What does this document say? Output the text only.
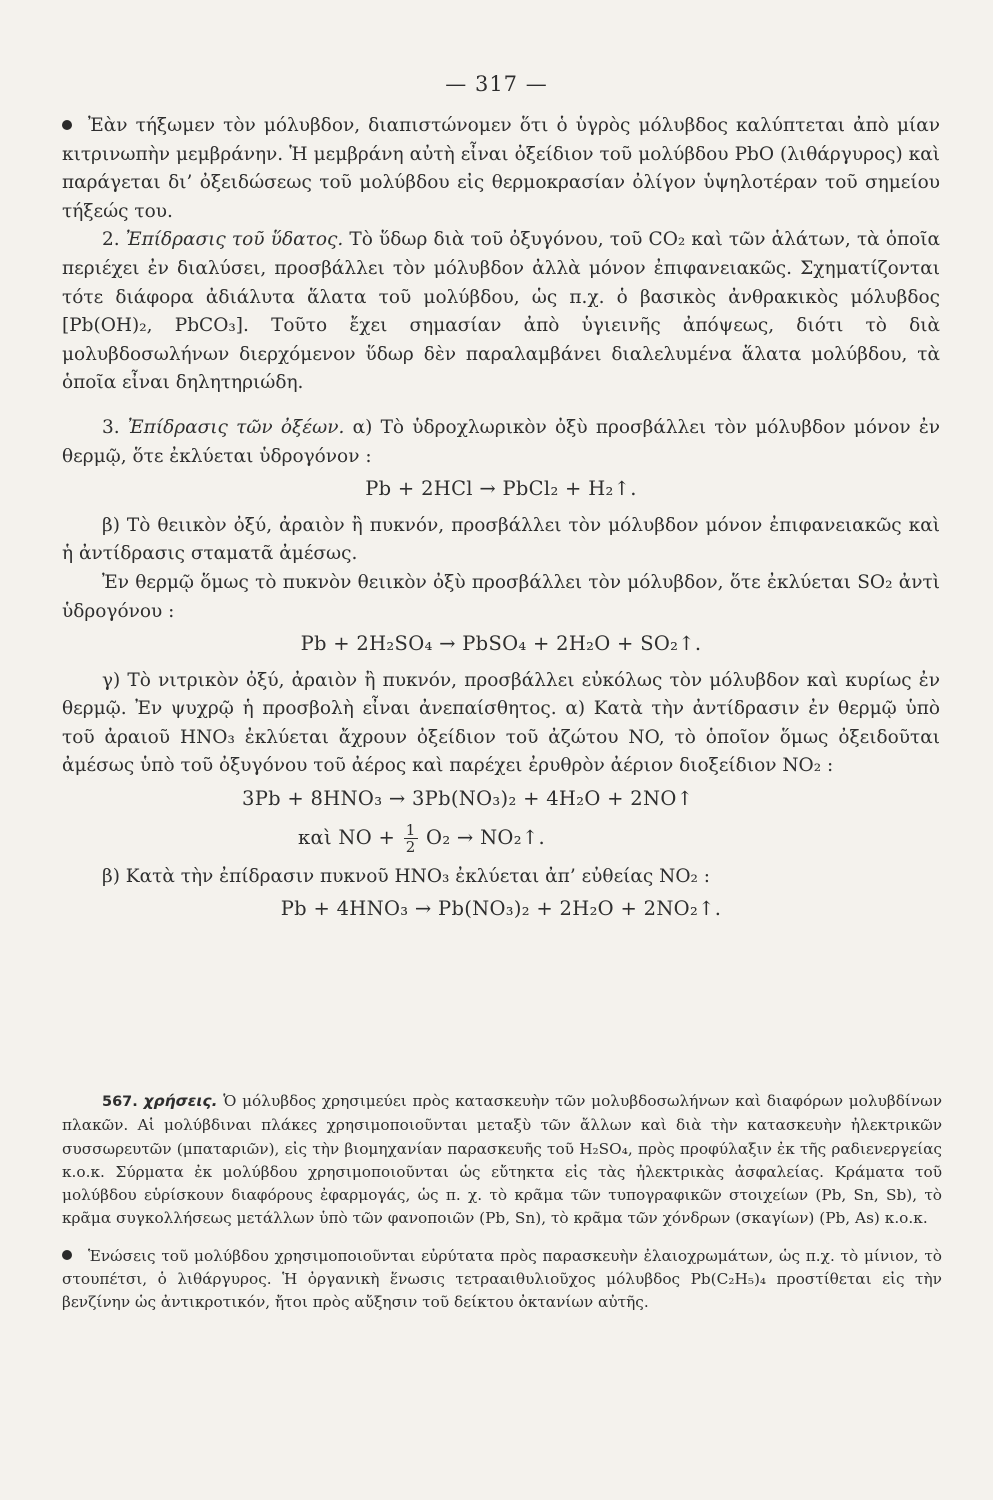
— 317 —

Ἐὰν τήξωμεν τὸν μόλυβδον, διαπιστώνομεν ὅτι ὁ ὑγρὸς μόλυβδος καλύπτεται ἀπὸ μίαν κιτρινωπὴν μεμβράνην. Ἡ μεμβράνη αὐτὴ εἶναι ὀξείδιον τοῦ μολύβδου PbO (λιθάργυρος) καὶ παράγεται δι’ ὀξειδώσεως τοῦ μολύβδου εἰς θερμοκρασίαν ὀλίγον ὑψηλοτέραν τοῦ σημείου τήξεώς του.

2. Ἐπίδρασις τοῦ ὕδατος. Τὸ ὕδωρ διὰ τοῦ ὀξυγόνου, τοῦ CO₂ καὶ τῶν ἁλάτων, τὰ ὁποῖα περιέχει ἐν διαλύσει, προσβάλλει τὸν μόλυβδον ἀλλὰ μόνον ἐπιφανειακῶς. Σχηματίζονται τότε διάφορα ἀδιάλυτα ἅλατα τοῦ μολύβδου, ὡς π.χ. ὁ βασικὸς ἀνθρακικὸς μόλυβδος [Pb(OH)₂, PbCO₃]. Τοῦτο ἔχει σημασίαν ἀπὸ ὑγιεινῆς ἀπόψεως, διότι τὸ διὰ μολυβδοσωλήνων διερχόμενον ὕδωρ δὲν παραλαμβάνει διαλελυμένα ἅλατα μολύβδου, τὰ ὁποῖα εἶναι δηλητηριώδη.

3. Ἐπίδρασις τῶν ὀξέων. α) Τὸ ὑδροχλωρικὸν ὀξὺ προσβάλλει τὸν μόλυβδον μόνον ἐν θερμῷ, ὅτε ἐκλύεται ὑδρογόνον :

Pb + 2HCl → PbCl₂ + H₂↑.

β) Τὸ θειικὸν ὀξύ, ἀραιὸν ἢ πυκνόν, προσβάλλει τὸν μόλυβδον μόνον ἐπιφανειακῶς καὶ ἡ ἀντίδρασις σταματᾶ ἀμέσως.

Ἐν θερμῷ ὅμως τὸ πυκνὸν θειικὸν ὀξὺ προσβάλλει τὸν μόλυβδον, ὅτε ἐκλύεται SO₂ ἀντὶ ὑδρογόνου :

Pb + 2H₂SO₄ → PbSO₄ + 2H₂O + SO₂↑.

γ) Τὸ νιτρικὸν ὀξύ, ἀραιὸν ἢ πυκνόν, προσβάλλει εὐκόλως τὸν μόλυβδον καὶ κυρίως ἐν θερμῷ. Ἐν ψυχρῷ ἡ προσβολὴ εἶναι ἀνεπαίσθητος. α) Κατὰ τὴν ἀντίδρασιν ἐν θερμῷ ὑπὸ τοῦ ἀραιοῦ HNO₃ ἐκλύεται ἄχρουν ὀξείδιον τοῦ ἀζώτου NO, τὸ ὁποῖον ὅμως ὀξειδοῦται ἀμέσως ὑπὸ τοῦ ὀξυγόνου τοῦ ἀέρος καὶ παρέχει ἐρυθρὸν ἀέριον διοξείδιον NO₂ :

3Pb + 8HNO₃ → 3Pb(NO₃)₂ + 4H₂O + 2NO↑
καὶ NO + $\frac{1}{2} O_2$ → NO₂↑.

β) Κατὰ τὴν ἐπίδρασιν πυκνοῦ HNO₃ ἐκλύεται ἀπ’ εὐθείας NO₂ :

Pb + 4HNO₃ → Pb(NO₃)₂ + 2H₂O + 2NO₂↑.

567. χρήσεις. Ὁ μόλυβδος χρησιμεύει πρὸς κατασκευὴν τῶν μολυβδοσωλήνων καὶ διαφόρων μολυβδίνων πλακῶν. Αἱ μολύβδιναι πλάκες χρησιμοποιοῦνται μεταξὺ τῶν ἄλλων καὶ διὰ τὴν κατασκευὴν ἠλεκτρικῶν συσσωρευτῶν (μπαταριῶν), εἰς τὴν βιομηχανίαν παρασκευῆς τοῦ H₂SO₄, πρὸς προφύλαξιν ἐκ τῆς ραδιενεργείας κ.ο.κ. Σύρματα ἐκ μολύβδου χρησιμοποιοῦνται ὡς εὔτηκτα εἰς τὰς ἠλεκτρικὰς ἀσφαλείας. Κράματα τοῦ μολύβδου εὑρίσκουν διαφόρους ἐφαρμογάς, ὡς π. χ. τὸ κρᾶμα τῶν τυπογραφικῶν στοιχείων (Pb, Sn, Sb), τὸ κρᾶμα συγκολλήσεως μετάλλων ὑπὸ τῶν φανοποιῶν (Pb, Sn), τὸ κρᾶμα τῶν χόνδρων (σκαγίων) (Pb, As) κ.ο.κ.

Ἑνώσεις τοῦ μολύβδου χρησιμοποιοῦνται εὐρύτατα πρὸς παρασκευὴν ἐλαιοχρωμάτων, ὡς π.χ. τὸ μίνιον, τὸ στουπέτσι, ὁ λιθάργυρος. Ἡ ὀργανικὴ ἕνωσις τετρααιθυλιοῦχος μόλυβδος Pb(C₂H₅)₄ προστίθεται εἰς τὴν βενζίνην ὡς ἀντικροτικόν, ἤτοι πρὸς αὔξησιν τοῦ δείκτου ὀκτανίων αὐτῆς.
